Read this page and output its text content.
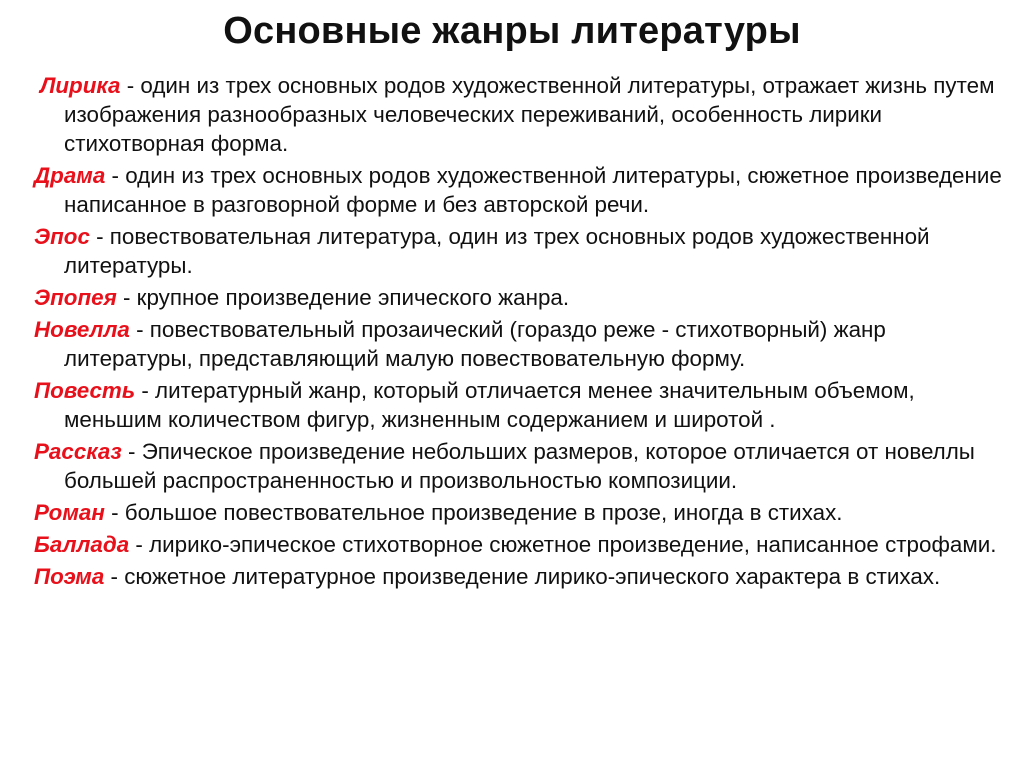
Основные жанры литературы
Лирика - один из трех основных родов художественной литературы, отражает жизнь путем изображения разнообразных человеческих переживаний, особенность лирики стихотворная форма.
Драма - один из трех основных родов художественной литературы, сюжетное произведение написанное в разговорной форме и без авторской речи.
Эпос - повествовательная литература, один из трех основных родов художественной литературы.
Эпопея - крупное произведение эпического жанра.
Новелла - повествовательный прозаический (гораздо реже - стихотворный) жанр литературы, представляющий малую повествовательную форму.
Повесть - литературный жанр, который отличается менее значительным объемом, меньшим количеством фигур, жизненным содержанием и широтой .
Рассказ - Эпическое произведение небольших размеров, которое отличается от новеллы большей распространенностью и произвольностью композиции.
Роман - большое повествовательное произведение в прозе, иногда в стихах.
Баллада - лирико-эпическое стихотворное сюжетное произведение, написанное строфами.
Поэма - сюжетное литературное произведение лирико-эпического характера в стихах.
